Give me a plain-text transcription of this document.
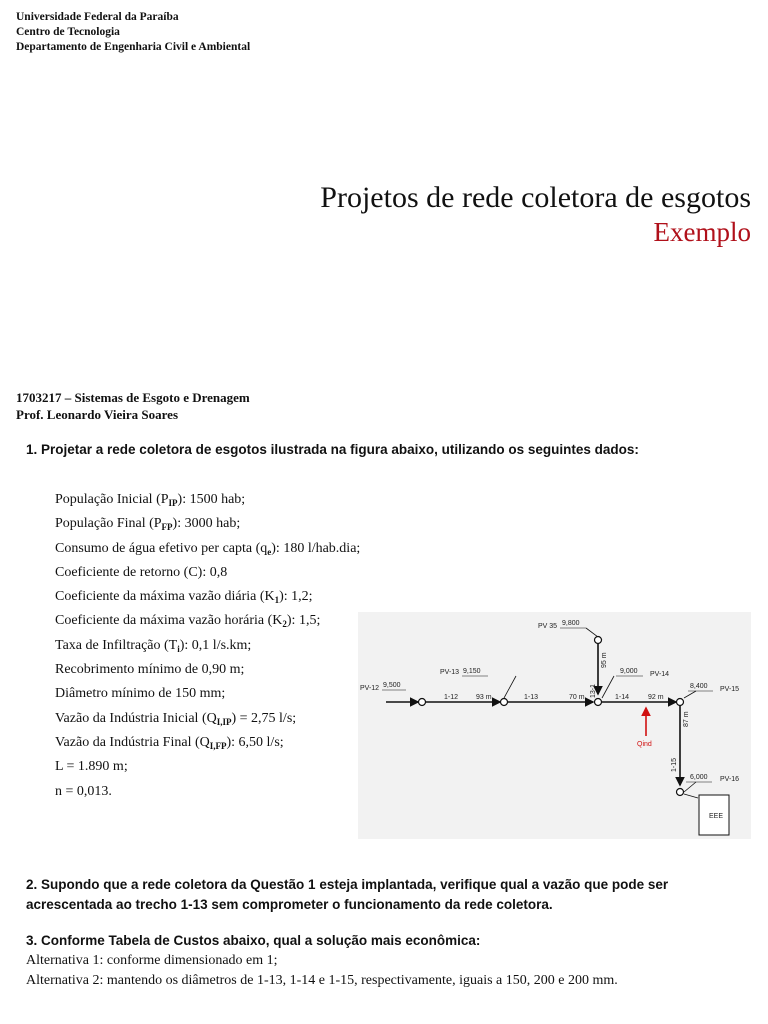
Universidade Federal da Paraíba
Centro de Tecnologia
Departamento de Engenharia Civil e Ambiental
Projetos de rede coletora de esgotos
Exemplo
1703217 – Sistemas de Esgoto e Drenagem
Prof. Leonardo Vieira Soares
1. Projetar a rede coletora de esgotos ilustrada na figura abaixo, utilizando os seguintes dados:
População Inicial $(P_{IP})$: 1500 hab;
População Final $(P_{FP})$: 3000 hab;
Consumo de água efetivo per capta $(q_e)$: 180 l/hab.dia;
Coeficiente de retorno (C): 0,8
Coeficiente da máxima vazão diária $(K_1)$: 1,2;
Coeficiente da máxima vazão horária $(K_2)$: 1,5;
Taxa de Infiltração $(T_i)$: 0,1 l/s.km;
Recobrimento mínimo de 0,90 m;
Diâmetro mínimo de 150 mm;
Vazão da Indústria Inicial $(Q_{I,IP}) = 2,75$ l/s;
Vazão da Indústria Final $(Q_{I,FP})$: 6,50 l/s;
L = 1.890 m;
n = 0,013.
EEE
Qind
PV-12 9,500
PV-13 9,150
PV 35 9,800
9,000 PV-14
8,400 PV-15
6,000 PV-16
1-12	93 m	1-13	70 m	1-14	92 m
13-1
95 m
87 m
1-15
2. Supondo que a rede coletora da Questão 1 esteja implantada, verifique qual a vazão que pode ser acrescentada ao trecho 1-13 sem comprometer o funcionamento da rede coletora.
3. Conforme Tabela de Custos abaixo, qual a solução mais econômica:
Alternativa 1: conforme dimensionado em 1;
Alternativa 2: mantendo os diâmetros de 1-13, 1-14 e 1-15, respectivamente, iguais a 150, 200 e 200 mm.
